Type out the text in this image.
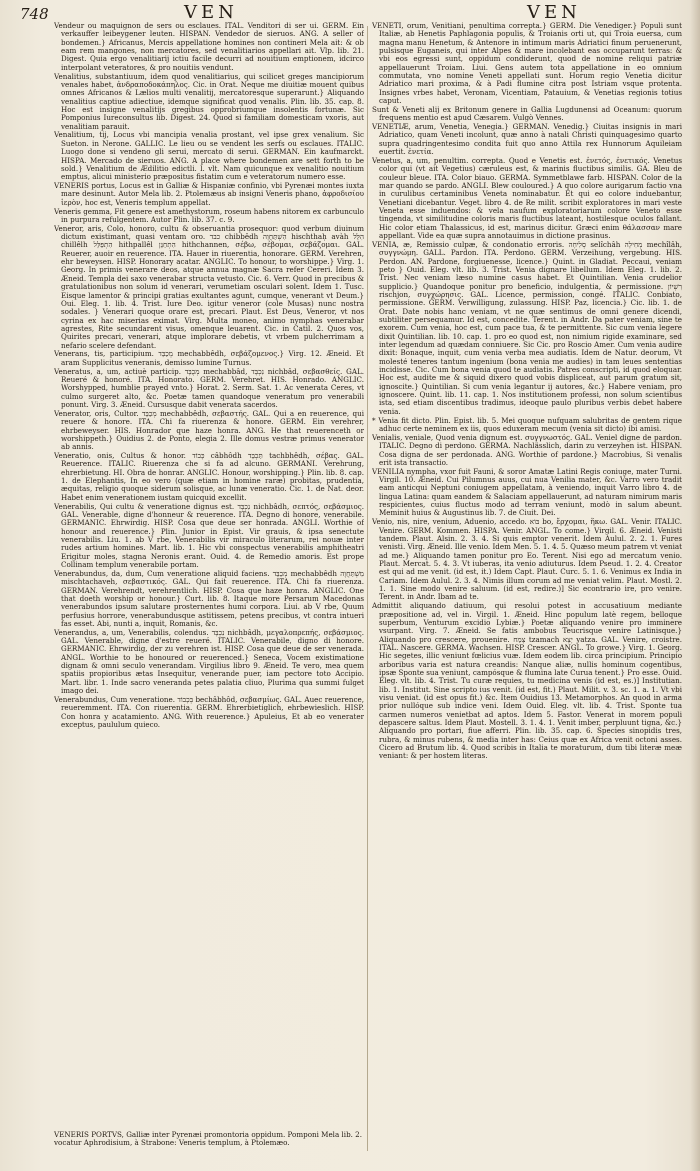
748	VEN	VEN

Vendeur ou maquignon de sers ou esclaues. ITAL. Venditori di ser ui. GERM. Ein verkauffer leibeygener leuten. HISPAN. Vendedor de sieruos. ANG. A seller of bondemen.} Africanus, Mercis appellatione homines non contineri Mela ait: & ob eam rem mangones, non mercatores, sed venalitiarios appellari ait. Vlp. lib. 21. Digest. Quia ergo venalitiarij ictiu facile decurri ad nouitium emptionem, idcirco interpolant veteratores, & pro nouitiis vendunt.

Venalitius, substantiuum, idem quod venalitiarius, qui scilicet greges mancipiorum venales habet, ἀνδραποδοκάπηλος. Cic. in Orat. Neque me diuitiæ mouent quibus omnes Africanos & Lælios multi venalitij, mercatoresque superarunt.} Aliquando venalitius captiue adiectiue, idemque significat quod venalis. Plin. lib. 35. cap. 8. Hoc est insigne venalitijs gregibus opprobriumque insolentis fortunæ. Sic Pomponius Iureconsultus lib. Digest. 24. Quod si familiam domesticam vxoris, aut venalitiam parauit.

Venalitium, tij, Locus vbi mancipia venalia prostant, vel ipse grex venalium. Sic Sueton. in Nerone. GALLIC. Le lieu ou se vendent les serfs ou esclaues. ITALIC. Luogo done si vendeno gli serui, mercato di serui. GERMAN. Ein kaufmarckt. HISPA. Mercado de sieruos. ANG. A place where bondemen are sett forth to be sold.} Venalitium de Ædilitio edictli. l. vlt. Nam quicunque ex venalitio nouitium emptus, alicui ministerio præpositus fistatim cum e veteratorum numero esse.

VENERIS portus, Locus est in Galliæ & Hispaniæ confinio, vbi Pyrenæi montes iuxta mare desinunt. Autor Mela lib. 2. Ptolemæus ab insigni Veneris phano, ἀφροδισίου ἱερὸν, hoc est, Veneris templum appellat.

Veneris gemma, Fit genere est amethystorum, roseum habens nitorem ex carbunculo in purpura refulgentem. Autor Plin. lib. 37. c. 9.

Veneror, aris, Colo, honoro, cultu & obseruantia prosequor: quod verbum diuinum dictum existimant, quasi ventam oro. כבד chibbêdh הִשְׁתַּחֲוָה hischthaḥ avàh הִלֵּל chillêlh הִתְפַּלֵּל hithpallêl הִתְחַנֵּן hithchannen, σέβω, σέβομαι, σεβάζομαι. GAL. Reuerer, auoir en reuerence. ITA. Hauer in riuerentia, honorare. GERM. Verehren, ehr beweysen. HISP. Honorary acatar. ANGLIC. To honour, to worshippe.} Virg. 1. Georg. In primis venerare deos, atque annua magnæ Sacra refer Cereri. Idem 3. Æneid. Templa dei saxo venerabar structa vetusto. Cic. 6. Verr. Quod in precibus & gratulationibus non solum id venerari, verumetiam osculari solent. Idem 1. Tusc. Eisque lamentor & principi gratias exultantes agunt, cumque, venerant vt Deum.} Oui. Eleg. 1. lib. 4. Trist. Iure Deo. igitur veneror (cole Musas) nunc nostra sodales. } Venerari quoque orare est, precari. Plaut. Est Deus, Veneror, vt nos cyrina ex hac miserias eximat. Virg. Multa moneo, animo nymphas venerabar agrestes, Rite secundarent visus, omenque leuarent. Cic. in Catil. 2. Quos vos, Quirites precari, venerari, atque implorare debetis, vt vrbem pulcherrimam a nefario scelere defendant.

Venerans, tis, participium. מְכַבֵּד mechabbêdh, σεβάζομενος.} Virg. 12. Æneid. Et aram Supplicitus veneranis, demisso lumine Turnus.

Veneratus, a, um, actiuè particip. מְכֻבָּד mechabbâd, נִכְבָּד nichbâd, σεβασθείς. GAL. Reueré & honoré. ITA. Honorato. GERM. Verehret. HIS. Honrado. ANGLIC. Worshypped, humblie prayed vnto.} Horat. 2. Serm. Sat. 1. Ac venerata Ceres, vt culmo surgeret alto, &c. Poetæ tamen quandoque veneratum pro venerabili ponunt. Virg. 3. Æneid. Cursusque dabit venerata sacerdos.

Venerator, oris, Cultor. מְכַבֵּד mechabbêdh, σεβαστής. GAL. Qui a en reuerence, qui reuere & honore. ITA. Chi fa riuerenza & honore. GERM. Ein verehrer, ehrbeweyser. HIS. Honrador que haze honra. ANG. He that reuerenceth or worshippeth.} Ouidius 2. de Ponto, elegia 2. Ille domus vestræ primus venerator ab annis.

Veneratio, onis, Cultus & honor. כָּבוֹד câbhôdh תַּכְבֵּד tachbhêdh, σέβας. GAL. Reuerence. ITALIC. Riuerenza che si fa ad alcuno. GERMANI. Verehrung, ehrerbietung. HI. Obra de honrar. ANGLIC. Honour, worshipping.} Plin. lib. 8. cap. 1. de Elephantis, In eo vero (quæ etiam in homine raræ) probitas, prudentia, æquitas, religio quoque siderum solisque, ac lunæ veneratio. Cic. 1. de Nat. deor. Habet enim venerationem iustam quicquid excellit.

Venerabilis, Qui cultu & veneratione dignus est. נִכְבָּד nichbâdh, σεπτός, σεβάσμιος. GAL. Venerable, digne d'honneur & reuerence. ITA. Degno di honore, venerabile. GERMANIC. Ehrwirdig. HISP. Cosa que deue ser honrada. ANGLI. Worthie of honour and reuerence.} Plin. Junior in Epist. Vir grauis, & ipsa senectute venerabilis. Liu. 1. ab V rbe, Venerabilis vir miraculo literarum, rei nouæ inter rudes artium homines. Mart. lib. 1. Hic vbi conspectus venerabilis amphitheatri Erigitur moles, stagna Neronis erant. Ouid. 4. de Remedio amoris. Est prope Collinam templum venerabile portam.

Venerabundus, da, dum, Cum veneratione aliquid faciens. מְכַבֵּד mechabbêdh מִשְׁתַּחֲוֶה mischtachaveh, σεβαστικός. GAL. Qui fait reuerence. ITA. Chi fa riuerenza. GERMAN. Verehrendt, verehrentlich. HISP. Cosa que haze honra. ANGLIC. One that doeth worship or honour.} Curt. lib. 8. Itaque more Persarum Macedonas venerabundos ipsum salutare prosternentes humi corpora. Liui. ab V rbe, Quum perfusius horrore, venerabundusque astitissem, petens precibus, vt contra intueri fas esset. Abi, nunti a, inquit, Romanis, &c.

Venerandus, a, um, Venerabilis, colendus. נִכְבָּד nichbâdh, μεγαλοπρεπής, σεβάσμιος. GAL. Venerable, digne d'estre reueré. ITALIC. Venerabile, digno di honore. GERMANIC. Ehrwirdig, der zu verehren ist. HISP. Cosa que deue de ser venerada. ANGL. Worthie to be honoured or reuerenced.} Seneca, Vocem existimatione dignam & omni seculo venerandam. Virgilius libro 9. Æneid. Te vero, mea quem spatiis propioribus ætas Insequitur, venerande puer, iam pectore toto Accipio. Mart. libr. 1. Inde sacro veneranda petes palatia cliuo, Plurima qua summi fulget imago dei.

Venerabundus, Cum veneratione. בְּכָבוֹד bechâbhôd, σεβασμίως. GAL. Auec reuerence, reueremment. ITA. Con riuerentia. GERM. Ehrerbietiglich, ehrbewieslich. HISP. Con honra y acatamiento. ANG. With reuerence.} Apuleius, Et ab eo venerater exceptus, paululum quieco.

VENERIS PORTVS, Galliæ inter Pyrenæi promontoria oppidum. Pomponi Mela lib. 2. vocatur Aphrodisium, à Strabone: Veneris templum, à Ptolemæo.

VENETI, orum, Venitiani, penultima correpta.} GERM. Die Venediger.} Populi sunt Italiæ, ab Henetis Paphlagonia populis, & Troianis orti ut, qui Troia euersa, cum magna manu Henetum, & Antenore in intimum maris Adriatici finum peruenerunt, pulsisque Euganeis, qui inter Alpes & mare incolebant eas occuparunt terras: & vbi eos egressi sunt, oppidum condiderunt, quod de nomine reliqui patriæ appellauerunt Troiam. Liui. Gens autem tota appellatione in eo omnium commutata, vno nomine Veneti appellati sunt. Horum regio Venetia dicitur Adriatico mari proxima, & à Padi flumine citra post Istriam vsque protenta. Insignes vrbes habet, Veronam, Vicentiam, Patauium, & Venetias regionis totius caput.

Sunt & Veneti alij ex Britonum genere in Gallia Lugdunensi ad Oceanum: quorum frequens mentio est apud Cæsarem. Vulgò Vennes.

VENETIÆ, arum, Venetia, Venegia.} GERMAN. Venedig.} Ciuitas insignis in mari Adriatico, quam Veneti incolunt, quæ anno à natali Christi quinquagesimo quarto supra quadringentesimo condita fuit quo anno Attila rex Hunnorum Aquileiam euertit. ἐνετία.

Venetus, a, um, penultim. correpta. Quod e Venetis est. ἐνετός, ἐνετικός. Venetus color qui (vt ait Vegetius) cæruleus est, & marinis fluctibus similis. GA. Bleu de couleur bleue. ITA. Color biauo. GERMA. Symmetblawe farb. HISPAN. Color de la mar quando se pardo. ANGLI. Blew couloured.} A quo colore aurigarum factio vna in curulibus certaminibus Veneta nominabatur. Et qui eo colore induebantur, Venetiani dicebantur. Veget. libro 4. de Re milit. scribit exploratores in mari veste Veneta esse induendos: & vela naufum exploratoriarum colore Veneto esse tingenda, vt similitudine coloris maris fluctibus lateant, hostilesque oculos fallant. Hic color etiam Thalassicus, id est, marinus dicitur. Græci enim θάλασσαν mare appellant. Vide ea quæ supra annotauimus in dictione prasinus.

VENIA, æ, Remissio culpæ, & condonatio erroris. סְלִיחָה selîchâh מְחִילָה mechîlâh, συγγνώμη. GALL. Pardon. ITA. Perdono. GERM. Verzeihung, vergebung. HIS. Perdon. AN. Pardone, forgiuenesse, licence.} Quint. in Gladiat. Peccaui, veniam peto } Ouid. Eleg. vlt. lib. 3. Trist. Venia dignare libellum. Idem Eleg. 1. lib. 2. Trist. Nec veniam læso numine casus habet. Et Quintilian. Venia crudelior supplicio.} Quandoque ponitur pro beneficio, indulgentia, & permissione. רִשְׁיוֹן rischjon, συγχώρησις. GAL. Licence, permission, congé. ITALIC. Conbiato, permissione. GERM. Verwilligung, zulassung. HISP. Paz, licencia.} Cic. lib. 1. de Orat. Date nobis hanc veniam, vt ne quæ sentimus de omni genere dicendi, subtiliter persequamur. Id est, concedite. Terent. in Andr. Da pater veniam, sine te exorem. Cum venia, hoc est, cum pace tua, & te permittente. Sic cum venia legere dixit Quintilian. lib. 10. cap. 1. pro eo quod est, non nimium rigide examinare, sed inter legendum ad quædam conniuere. Sic Cic. pro Roscio Amer. Cum venia audire dixit: Bonaque, inquit, cum venia verba mea audiatis. Idem de Natur. deorum, Vt molesté teneres tantum ingenium (bona venia me audies) in tam leues sententias incidisse. Cic. Cum bona venia quod te audiatis. Patres conscripti, id quod eloquar. Hoc est, audite me & siquid dixero quod vobis displiceat, aut parum gratum sit, ignoscite.} Quintilian. Si cum venia legantur ij autores, &c.} Habere veniam, pro ignoscere. Quint. lib. 11. cap. 1. Nos institutionem professi, non solum scientibus ista, sed etiam discentibus tradimus, ideoque paulo pluribus verbis debet habere venia.

* Venia fit dicto. Plin. Epist. lib. 5. Mei quoque nufquam salubritas de gentem rique adhuc certe neminem ex iis, quos eduxeram mecum (venia sit dicto) ibi amisi.

Venialis, veniale, Quod venia dignum est. συγγνωστός. GAL. Veniel digne de pardon. ITALIC. Degno di perdono. GERMA. Nachlässlich, darin zu verzeyhen ist. HISPAN. Cosa digna de ser perdonada. ANG. Worthie of pardone.} Macrobius, Si venalis erit ista transactio.

VENILIA nympha, vxor fuit Fauni, & soror Amatæ Latini Regis coniuge, mater Turni. Virgil. 10. Æneid. Cui Pilumnus auus, cui nua Venilia mater, &c. Varro vero tradit eam anticqui Neptuni coniugem appellatam, à veniendo, inquit Varro libro 4. de lingua Latina: quam eandem & Salaciam appellauerunt, ad naturam nimirum maris respicientes, cuius fluctus modo ad terram veniunt, modò in salum abeunt. Meminit huius & Augustinus lib. 7. de Ciuit. Dei.

Venio, nis, nire, venium, Aduenio, accedo. בּוֹא bo, ἔρχομαι, ἥκω. GAL. Venir. ITALIC. Venire. GERM. Kommen. HISPA. Venir. ANGL. To come.} Virgil. 6. Æneid. Venisti tandem. Plaut. Alsin. 2. 3. 4. Si quis emptor venerit. Idem Aulul. 2. 2. 1. Fures venisti. Virg. Æneid. Ille venio. Idem Men. 5. 1. 4. 5. Quæso meum patrem vt veniat ad me.} Aliquando tamen ponitur pro Eo. Terent. Nisi ego ad mercatum venio. Plaut. Mercat. 5. 4. 3. Vt iuberas, ita venio adiuturus. Idem Pseud. 1. 2. 4. Creator est qui ad me venit. (id est, it.) Idem Capt. Plaut. Curc. 5. 1. 6. Venimus ex India in Cariam. Idem Aulul. 2. 3. 4. Nimis illum corum ad me veniat velim. Plaut. Mostl. 2. 1. 1. Sine modo venire saluum. (id est, redire.)] Sic econtrario ire, pro venire. Terent. in Andr. Ibam ad te.

Admittit aliquando datiuum, qui resolui potest in accusatiuum mediante præpositione ad, vel in. Virgil. 1. Æneid. Hinc populum latè regem, belloque superbum, Venturum excidio Lybiæ.} Poetæ aliquando venire pro imminere vsurpant. Virg. 7. Æneid. Se fatis ambobus Teucrisque venire Latinisque.} Aliquando pro crescere, prouenire. צָמַח tzamach יָצָא yatza. GAL. Venire, croistre. ITAL. Nascere. GERMA. Wachsen. HISP. Crescer. ANGL. To growe.} Virg. 1. Georg. Hic segetes, illic veniunt fœlicius vuæ. Idem eodem lib. circa principium. Principio arboribus varia est natura creandis: Nanque aliæ, nullis hominum cogentibus, ipsæ Sponte sua veniunt, campósque & flumina late Curua tenent.} Pro esse. Ouid. Eleg. vlt. lib. 4. Trist. Tu curæ requies, tu medicina venis (id est, es.)] Institutian. lib. 1. Institut. Sine scripto ius venit. (id est, fit.) Plaut. Milit. v. 3. sc. 1. a. 1. Vt vbi visu veniat. (id est opus fit.) &c. Item Ouidius 13. Metamorphos. An quod in arma prior nullóque sub indice veni. Idem Ouid. Eleg. vlt. lib. 4. Trist. Sponte tua carmen numeros venietbat ad aptos. Idem 5. Fastor. Venerat in morem populi depascere saltus. Idem Plaut. Mostell. 3. 1. 4. 1. Venit imber, perpluunt tigna, &c.} Aliquando pro portari, fiue afferri. Plin. lib. 35. cap. 6. Species sinopidis tres, rubra, & minus rubens, & media inter has: Ceius quæ ex Africa venit octoni asses. Cicero ad Brutum lib. 4. Quod scribis in Italia te moraturum, dum tibi literæ meæ veniant: & per hostem literas.
